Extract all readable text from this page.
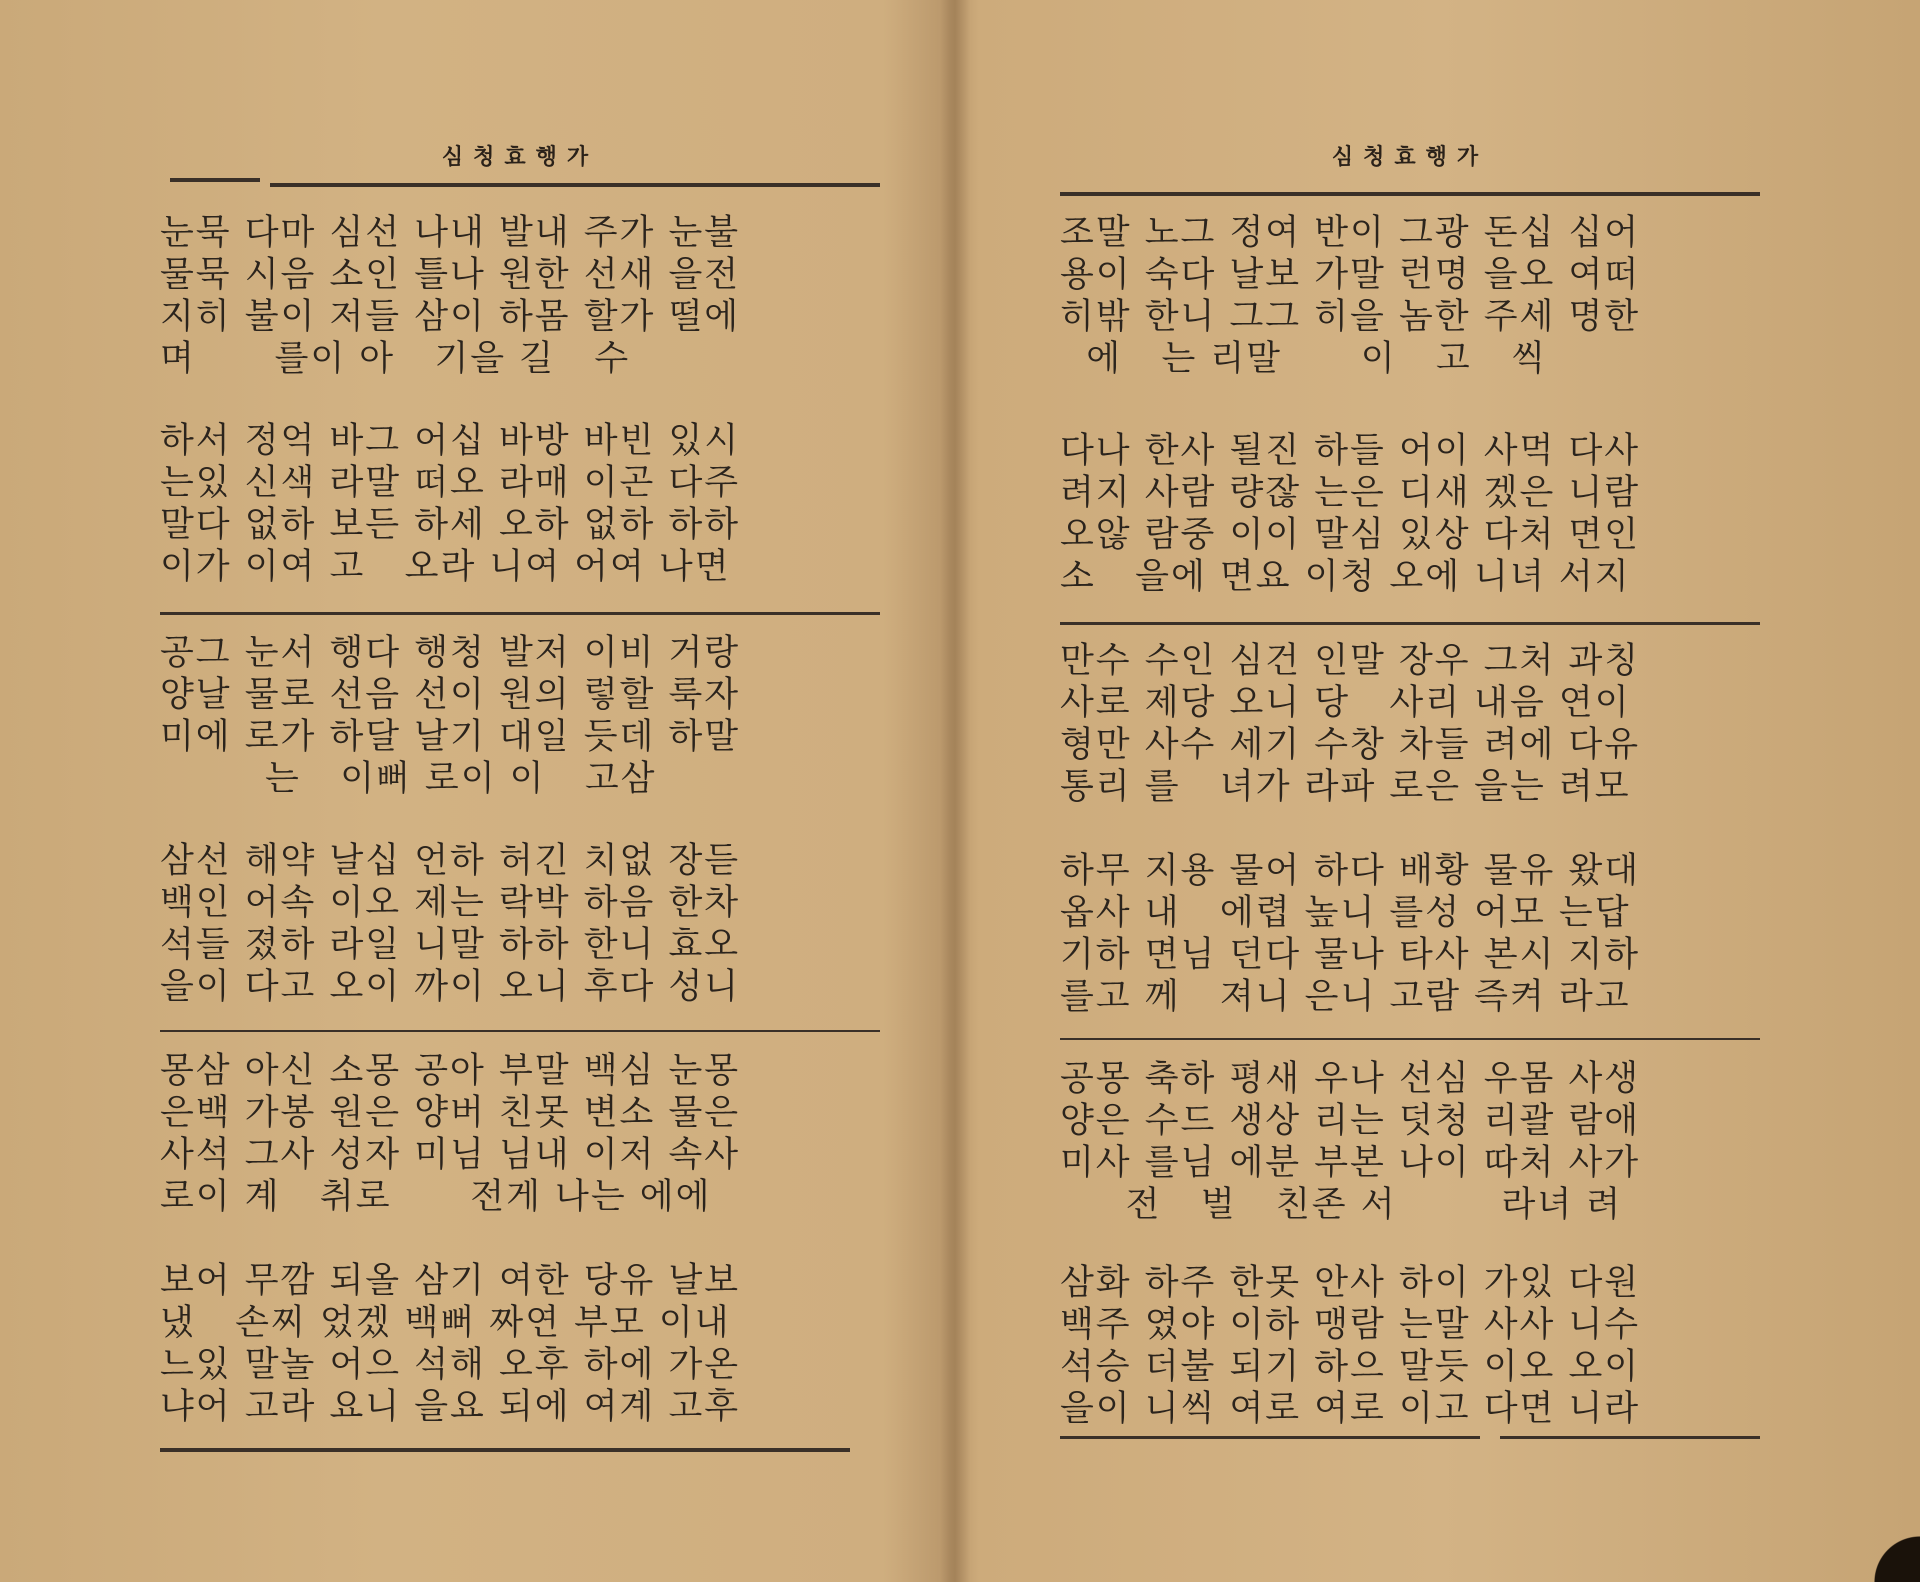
심청효행가
눈묵 다마 심선 나내 발내 주가 눈불
물묵 시음 소인 틀나 원한 선새 을전
지히 불이 저들 삼이 하몸 할가 떨에
며      를이 아   기을 길   수
하서 정억 바그 어십 바방 바빈 있시
는있 신색 라말 떠오 라매 이곤 다주
말다 없하 보든 하세 오하 없하 하하
이가 이여 고   오라 니여 어여 나면
공그 눈서 행다 행청 발저 이비 거랑
양날 물로 선음 선이 원의 렇할 룩자
미에 로가 하달 날기 대일 듯데 하말
는   이뻐 로이 이   고삼
삼선 해약 날십 언하 허긴 치없 장듣
백인 어속 이오 제는 락박 하음 한차
석들 졌하 라일 니말 하하 한니 효오
을이 다고 오이 까이 오니 후다 성니
몽삼 아신 소몽 공아 부말 백심 눈몽
은백 가봉 원은 양버 친못 변소 물은
사석 그사 성자 미님 님내 이저 속사
로이 계   취로      전게 나는 에에
보어 무깜 되올 삼기 여한 당유 날보
냈   손찌 었겠 백뻐 짜연 부모 이내
느있 말놀 어으 석해 오후 하에 가온
냐어 고라 요니 을요 되에 여계 고후
심청효행가
조말 노그 정여 반이 그광 돈십 십어
용이 숙다 날보 가말 런명 을오 여떠
히밖 한니 그그 히을 놈한 주세 명한
에   는 리말      이   고   씩
다나 한사 될진 하들 어이 사먹 다사
려지 사람 량잖 는은 디새 겠은 니람
오않 람중 이이 말심 있상 다처 면인
소   을에 면요 이청 오에 니녀 서지
만수 수인 심건 인말 장우 그처 과칭
사로 제당 오니 당   사리 내음 연이
형만 사수 세기 수창 차들 려에 다유
통리 를   녀가 라파 로은 을는 려모
하무 지용 물어 하다 배황 물유 왔대
옵사 내   에렵 높니 를성 어모 는답
기하 면님 던다 물나 타사 본시 지하
를고 께   져니 은니 고람 즉켜 라고
공몽 축하 평새 우나 선심 우몸 사생
양은 수드 생상 리는 덧청 리괄 람애
미사 를님 에분 부본 나이 따처 사가
전   벌   친존 서        라녀 려
삼화 하주 한못 안사 하이 가있 다원
백주 였야 이하 맹람 는말 사사 니수
석승 더불 되기 하으 말듯 이오 오이
을이 니씩 여로 여로 이고 다면 니라
